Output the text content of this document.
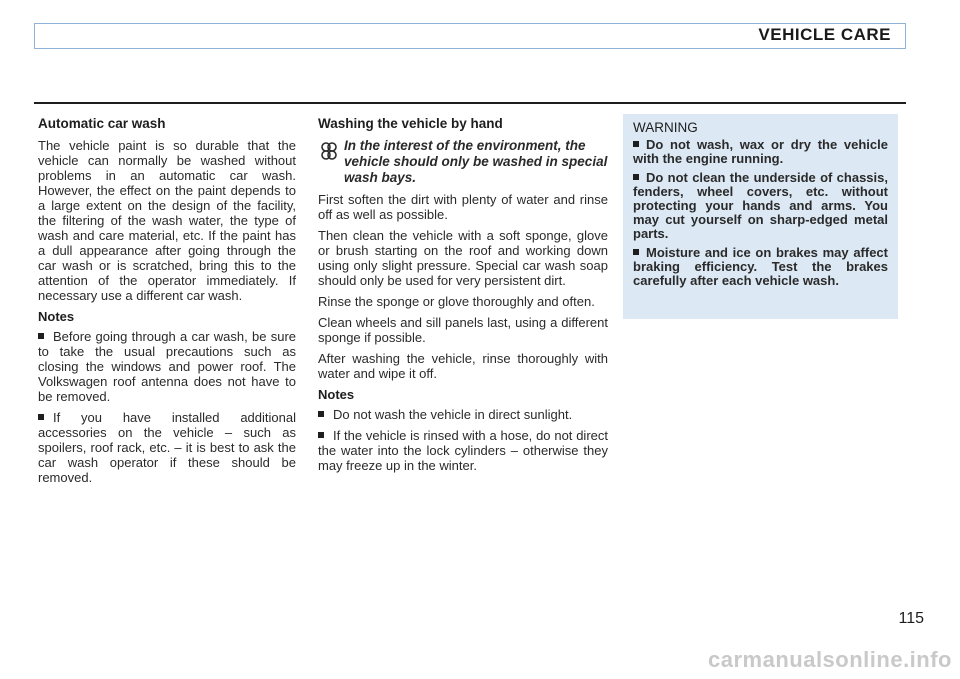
VEHICLE CARE
Automatic car wash

The vehicle paint is so durable that the vehicle can normally be washed without problems in an automatic car wash. However, the effect on the paint depends to a large extent on the design of the facility, the filtering of the wash water, the type of wash and care material, etc. If the paint has a dull appearance after going through the car wash or is scratched, bring this to the attention of the operator immediately. If necessary use a different car wash.

Notes

Before going through a car wash, be sure to take the usual precautions such as closing the windows and power roof. The Volkswagen roof antenna does not have to be removed.

If you have installed additional accessories on the vehicle – such as spoilers, roof rack, etc. – it is best to ask the car wash operator if these should be removed.

Washing the vehicle by hand
In the interest of the environment, the vehicle should only be washed in special wash bays.

First soften the dirt with plenty of water and rinse off as well as possible.

Then clean the vehicle with a soft sponge, glove or brush starting on the roof and working down using only slight pressure. Special car wash soap should only be used for very persistent dirt.

Rinse the sponge or glove thoroughly and often.

Clean wheels and sill panels last, using a different sponge if possible.

After washing the vehicle, rinse thoroughly with water and wipe it off.

Notes

Do not wash the vehicle in direct sunlight.

If the vehicle is rinsed with a hose, do not direct the water into the lock cylinders – otherwise they may freeze up in the winter.

WARNING

Do not wash, wax or dry the vehicle with the engine running.

Do not clean the underside of chassis, fenders, wheel covers, etc. without protecting your hands and arms. You may cut yourself on sharp-edged metal parts.

Moisture and ice on brakes may affect braking efficiency. Test the brakes carefully after each vehicle wash.

115
carmanualsonline.info
